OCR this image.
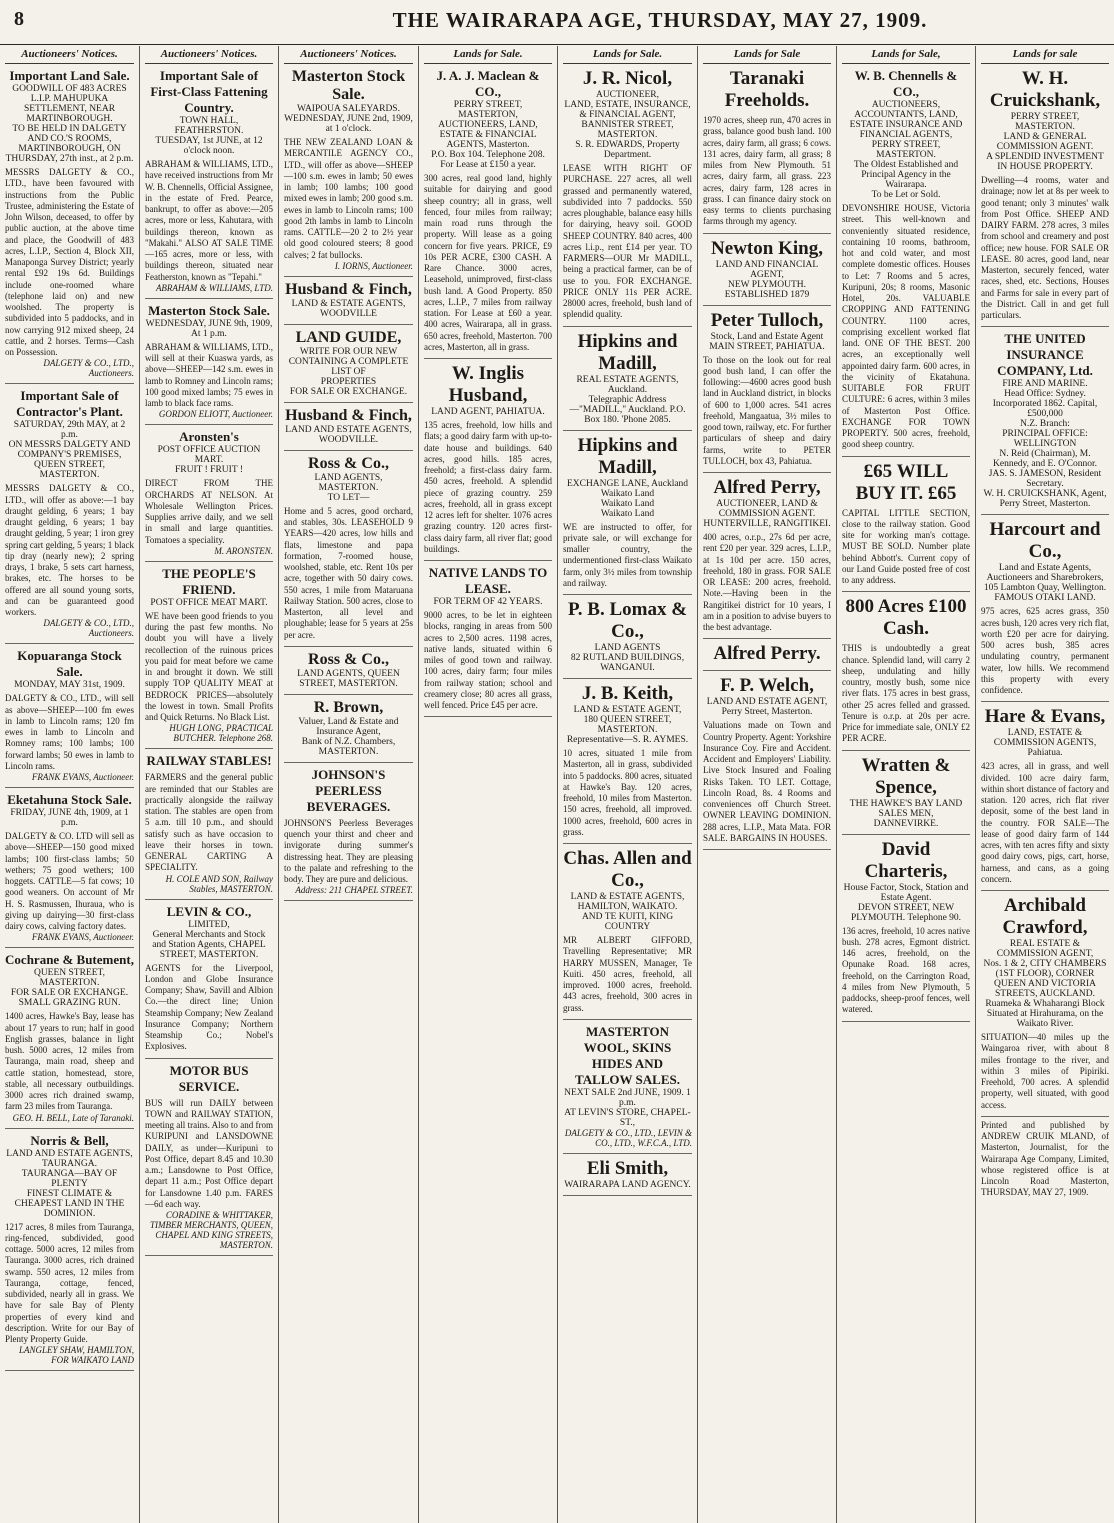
8	THE WAIRARAPA AGE, THURSDAY, MAY 27, 1909.
Auctioneers' Notices.
Important Land Sale.
GOODWILL OF 483 ACRES L.I.P. MAHUPUKA SETTLEMENT, NEAR MARTINBOROUGH.
TO BE HELD IN DALGETY AND CO.'S ROOMS, MARTINBOROUGH, ON THURSDAY, 27th inst., at 2 p.m.
MESSRS DALGETY & CO., LTD., have been favoured with instructions from the Public Trustee, administering the Estate of John Wilson, deceased, to offer by public auction, at the above time and place, the Goodwill of 483 acres, L.I.P., Section 4, Block XII, Manaponga Survey District; yearly rental £92 19s 6d. Buildings include one-roomed whare (telephone laid on) and new woolshed. The property is subdivided into 5 paddocks, and in now carrying 912 mixed sheep, 24 cattle, and 2 horses. Terms—Cash on Possession.
DALGETY & CO., LTD., Auctioneers.
Important Sale of Contractor's Plant.
SATURDAY, 29th MAY, at 2 p.m.
ON MESSRS DALGETY AND COMPANY'S PREMISES, QUEEN STREET, MASTERTON.
MESSRS DALGETY & CO., LTD., will offer as above:—1 bay draught gelding, 6 years; 1 bay draught gelding, 6 years; 1 bay draught gelding, 5 year; 1 iron grey spring cart gelding, 5 years; 1 black tip dray (nearly new); 2 spring drays, 1 brake, 5 sets cart harness, brakes, etc. The horses to be offered are all sound young sorts, and can be guaranteed good workers.
DALGETY & CO., LTD., Auctioneers.
Kopuaranga Stock Sale.
MONDAY, MAY 31st, 1909.
DALGETY & CO., LTD., will sell as above—SHEEP—100 fm ewes in lamb to Lincoln rams; 120 fm ewes in lamb to Lincoln and Romney rams; 100 lambs; 100 forward lambs; 50 ewes in lamb to Lincoln rams.
FRANK EVANS, Auctioneer.
Eketahuna Stock Sale.
FRIDAY, JUNE 4th, 1909, at 1 p.m.
DALGETY & CO. LTD will sell as above—SHEEP—150 good mixed lambs; 100 first-class lambs; 50 wethers; 75 good wethers; 100 hoggets. CATTLE—5 fat cows; 10 good weaners. On account of Mr H. S. Rasmussen, Ihuraua, who is giving up dairying—30 first-class dairy cows, calving factory dates.
FRANK EVANS, Auctioneer.
Cochrane & Butement,
QUEEN STREET, MASTERTON.
FOR SALE OR EXCHANGE. SMALL GRAZING RUN.
1400 acres, Hawke's Bay, lease has about 17 years to run; half in good English grasses, balance in light bush. 5000 acres, 12 miles from Tauranga, main road, sheep and cattle station, homestead, store, stable, all necessary outbuildings. 3000 acres rich drained swamp, farm 23 miles from Tauranga.
GEO. H. BELL, Late of Taranaki.
Norris & Bell,
LAND AND ESTATE AGENTS, TAURANGA.
TAURANGA—BAY OF PLENTY
FINEST CLIMATE & CHEAPEST LAND IN THE DOMINION.
1217 acres, 8 miles from Tauranga, ring-fenced, subdivided, good cottage. 5000 acres, 12 miles from Tauranga. 3000 acres, rich drained swamp. 550 acres, 12 miles from Tauranga, cottage, fenced, subdivided, nearly all in grass. We have for sale Bay of Plenty properties of every kind and description. Write for our Bay of Plenty Property Guide.
LANGLEY SHAW, HAMILTON, FOR WAIKATO LAND
Auctioneers' Notices.
Important Sale of First-Class Fattening Country.
TOWN HALL, FEATHERSTON.
TUESDAY, 1st JUNE, at 12 o'clock noon.
ABRAHAM & WILLIAMS, LTD., have received instructions from Mr W. B. Chennells, Official Assignee, in the estate of Fred. Pearce, bankrupt, to offer as above:—205 acres, more or less, Kahutara, with buildings thereon, known as "Makahi." ALSO AT SALE TIME—165 acres, more or less, with buildings thereon, situated near Featherston, known as "Tepahi."
ABRAHAM & WILLIAMS, LTD.
Masterton Stock Sale.
WEDNESDAY, JUNE 9th, 1909, At 1 p.m.
ABRAHAM & WILLIAMS, LTD., will sell at their Kuaswa yards, as above—SHEEP—142 s.m. ewes in lamb to Romney and Lincoln rams; 100 good mixed lambs; 75 ewes in lamb to black face rams.
GORDON ELIOTT, Auctioneer.
Aronsten's
POST OFFICE AUCTION MART.
FRUIT ! FRUIT !
DIRECT FROM THE ORCHARDS AT NELSON. At Wholesale Wellington Prices. Supplies arrive daily, and we sell in small and large quantities. Tomatoes a speciality.
M. ARONSTEN.
THE PEOPLE'S FRIEND.
POST OFFICE MEAT MART.
WE have been good friends to you during the past few months. No doubt you will have a lively recollection of the ruinous prices you paid for meat before we came in and brought it down. We still supply TOP QUALITY MEAT at BEDROCK PRICES—absolutely the lowest in town. Small Profits and Quick Returns. No Black List.
HUGH LONG, PRACTICAL BUTCHER. Telephone 268.
RAILWAY STABLES!
FARMERS and the general public are reminded that our Stables are practically alongside the railway station. The stables are open from 5 a.m. till 10 p.m., and should satisfy such as have occasion to leave their horses in town. GENERAL CARTING A SPECIALITY.
H. COLE AND SON, Railway Stables, MASTERTON.
LEVIN & CO.,
LIMITED,
General Merchants and Stock and Station Agents, CHAPEL STREET, MASTERTON.
AGENTS for the Liverpool, London and Globe Insurance Company; Shaw, Savill and Albion Co.—the direct line; Union Steamship Company; New Zealand Insurance Company; Northern Steamship Co.; Nobel's Explosives.
MOTOR BUS SERVICE.
BUS will run DAILY between TOWN and RAILWAY STATION, meeting all trains. Also to and from KURIPUNI and LANSDOWNE DAILY, as under—Kuripuni to Post Office, depart 8.45 and 10.30 a.m.; Lansdowne to Post Office, depart 11 a.m.; Post Office depart for Lansdowne 1.40 p.m. FARES—6d each way.
CORADINE & WHITTAKER, TIMBER MERCHANTS, QUEEN, CHAPEL AND KING STREETS, MASTERTON.
Auctioneers' Notices.
Masterton Stock Sale.
WAIPOUA SALEYARDS.
WEDNESDAY, JUNE 2nd, 1909, at 1 o'clock.
THE NEW ZEALAND LOAN & MERCANTILE AGENCY CO., LTD., will offer as above—SHEEP—100 s.m. ewes in lamb; 50 ewes in lamb; 100 lambs; 100 good mixed ewes in lamb; 200 good s.m. ewes in lamb to Lincoln rams; 100 good 2th lambs in lamb to Lincoln rams. CATTLE—20 2 to 2½ year old good coloured steers; 8 good calves; 2 fat bullocks.
I. IORNS, Auctioneer.
Husband & Finch,
LAND & ESTATE AGENTS, WOODVILLE
LAND GUIDE,
WRITE FOR OUR NEW
CONTAINING A COMPLETE LIST OF
PROPERTIES
FOR SALE OR EXCHANGE.
Husband & Finch,
LAND AND ESTATE AGENTS, WOODVILLE.
Ross & Co.,
LAND AGENTS, MASTERTON.
TO LET—
Home and 5 acres, good orchard, and stables, 30s. LEASEHOLD 9 YEARS—420 acres, low hills and flats, limestone and papa formation, 7-roomed house, woolshed, stable, etc. Rent 10s per acre, together with 50 dairy cows. 550 acres, 1 mile from Mataruana Railway Station. 500 acres, close to Masterton, all level and ploughable; lease for 5 years at 25s per acre.
Ross & Co.,
LAND AGENTS, QUEEN STREET, MASTERTON.
R. Brown,
Valuer, Land & Estate and Insurance Agent,
Bank of N.Z. Chambers, MASTERTON.
JOHNSON'S PEERLESS BEVERAGES.
JOHNSON'S Peerless Beverages quench your thirst and cheer and invigorate during summer's distressing heat. They are pleasing to the palate and refreshing to the body. They are pure and delicious.
Address: 211 CHAPEL STREET.
Lands for Sale.
J. A. J. Maclean & CO.,
PERRY STREET, MASTERTON,
AUCTIONEERS, LAND, ESTATE & FINANCIAL AGENTS, Masterton.
P.O. Box 104. Telephone 208.
For Lease at £150 a year.
300 acres, real good land, highly suitable for dairying and good sheep country; all in grass, well fenced, four miles from railway; main road runs through the property. Will lease as a going concern for five years. PRICE, £9 10s PER ACRE, £300 CASH. A Rare Chance. 3000 acres, Leasehold, unimproved, first-class bush land. A Good Property. 850 acres, L.I.P., 7 miles from railway station. For Lease at £60 a year. 400 acres, Wairarapa, all in grass. 650 acres, freehold, Masterton. 700 acres, Masterton, all in grass.
W. Inglis Husband,
LAND AGENT, PAHIATUA.
135 acres, freehold, low hills and flats; a good dairy farm with up-to-date house and buildings. 640 acres, good hills. 185 acres, freehold; a first-class dairy farm. 450 acres, freehold. A splendid piece of grazing country. 259 acres, freehold, all in grass except 12 acres left for shelter. 1076 acres grazing country. 120 acres first-class dairy farm, all river flat; good buildings.
NATIVE LANDS TO LEASE.
FOR TERM OF 42 YEARS.
9000 acres, to be let in eighteen blocks, ranging in areas from 500 acres to 2,500 acres. 1198 acres, native lands, situated within 6 miles of good town and railway. 100 acres, dairy farm; four miles from railway station; school and creamery close; 80 acres all grass, well fenced. Price £45 per acre.
Lands for Sale.
J. R. Nicol,
AUCTIONEER,
LAND, ESTATE, INSURANCE, & FINANCIAL AGENT,
BANNISTER STREET, MASTERTON.
S. R. EDWARDS, Property Department.
LEASE WITH RIGHT OF PURCHASE. 227 acres, all well grassed and permanently watered, subdivided into 7 paddocks. 550 acres ploughable, balance easy hills for dairying, heavy soil. GOOD SHEEP COUNTRY. 840 acres, 400 acres l.i.p., rent £14 per year. TO FARMERS—OUR Mr MADILL, being a practical farmer, can be of use to you. FOR EXCHANGE. PRICE ONLY 11s PER ACRE. 28000 acres, freehold, bush land of splendid quality.
Hipkins and Madill,
REAL ESTATE AGENTS, Auckland.
Telegraphic Address—"MADILL," Auckland. P.O. Box 180. 'Phone 2085.
Hipkins and Madill,
EXCHANGE LANE, Auckland
Waikato Land
Waikato Land
Waikato Land
WE are instructed to offer, for private sale, or will exchange for smaller country, the undermentioned first-class Waikato farm, only 3½ miles from township and railway.
P. B. Lomax & Co.,
LAND AGENTS
82 RUTLAND BUILDINGS, WANGANUI.
J. B. Keith,
LAND & ESTATE AGENT,
180 QUEEN STREET, MASTERTON.
Representative—S. R. AYMES.
10 acres, situated 1 mile from Masterton, all in grass, subdivided into 5 paddocks. 800 acres, situated at Hawke's Bay. 120 acres, freehold, 10 miles from Masterton. 150 acres, freehold, all improved. 1000 acres, freehold, 600 acres in grass.
Chas. Allen and Co.,
LAND & ESTATE AGENTS,
HAMILTON, WAIKATO.
AND TE KUITI, KING COUNTRY
MR ALBERT GIFFORD, Travelling Representative; MR HARRY MUSSEN, Manager, Te Kuiti. 450 acres, freehold, all improved. 1000 acres, freehold. 443 acres, freehold, 300 acres in grass.
MASTERTON WOOL, SKINS HIDES AND TALLOW SALES.
NEXT SALE 2nd JUNE, 1909. 1 p.m.
AT LEVIN'S STORE, CHAPEL-ST.,
DALGETY & CO., LTD., LEVIN & CO., LTD., W.F.C.A., LTD.
Eli Smith,
WAIRARAPA LAND AGENCY.
Lands for Sale
Taranaki Freeholds.
1970 acres, sheep run, 470 acres in grass, balance good bush land. 100 acres, dairy farm, all grass; 6 cows. 131 acres, dairy farm, all grass; 8 miles from New Plymouth. 51 acres, dairy farm, all grass. 223 acres, dairy farm, 128 acres in grass. I can finance dairy stock on easy terms to clients purchasing farms through my agency.
Newton King,
LAND AND FINANCIAL AGENT,
NEW PLYMOUTH.
ESTABLISHED 1879
Peter Tulloch,
Stock, Land and Estate Agent
MAIN STREET, PAHIATUA.
To those on the look out for real good bush land, I can offer the following:—4600 acres good bush land in Auckland district, in blocks of 600 to 1,000 acres. 541 acres freehold, Mangaatua, 3½ miles to good town, railway, etc. For further particulars of sheep and dairy farms, write to PETER TULLOCH, box 43, Pahiatua.
Alfred Perry,
AUCTIONEER, LAND & COMMISSION AGENT.
HUNTERVILLE, RANGITIKEI.
400 acres, o.r.p., 27s 6d per acre, rent £20 per year. 329 acres, L.I.P., at 1s 10d per acre. 150 acres, freehold, 180 in grass. FOR SALE OR LEASE: 200 acres, freehold. Note.—Having been in the Rangitikei district for 10 years, I am in a position to advise buyers to the best advantage.
Alfred Perry.
F. P. Welch,
LAND AND ESTATE AGENT,
Perry Street, Masterton.
Valuations made on Town and Country Property. Agent: Yorkshire Insurance Coy. Fire and Accident. Accident and Employers' Liability. Live Stock Insured and Foaling Risks Taken. TO LET. Cottage, Lincoln Road, 8s. 4 Rooms and conveniences off Church Street. OWNER LEAVING DOMINION. 288 acres, L.I.P., Mata Mata. FOR SALE. BARGAINS IN HOUSES.
Lands for Sale,
W. B. Chennells & CO.,
AUCTIONEERS,
ACCOUNTANTS, LAND, ESTATE INSURANCE AND FINANCIAL AGENTS,
PERRY STREET, MASTERTON.
The Oldest Established and Principal Agency in the Wairarapa.
To be Let or Sold.
DEVONSHIRE HOUSE, Victoria street. This well-known and conveniently situated residence, containing 10 rooms, bathroom, hot and cold water, and most complete domestic offices. Houses to Let: 7 Rooms and 5 acres, Kuripuni, 20s; 8 rooms, Masonic Hotel, 20s. VALUABLE CROPPING AND FATTENING COUNTRY. 1100 acres, comprising excellent worked flat land. ONE OF THE BEST. 200 acres, an exceptionally well appointed dairy farm. 600 acres, in the vicinity of Ekatahuna. SUITABLE FOR FRUIT CULTURE: 6 acres, within 3 miles of Masterton Post Office. EXCHANGE FOR TOWN PROPERTY. 500 acres, freehold, good sheep country.
£65 WILL BUY IT. £65
CAPITAL LITTLE SECTION, close to the railway station. Good site for working man's cottage. MUST BE SOLD. Number plate behind Abbott's. Current copy of our Land Guide posted free of cost to any address.
800 Acres £100 Cash.
THIS is undoubtedly a great chance. Splendid land, will carry 2 sheep, undulating and hilly country, mostly bush, some nice river flats. 175 acres in best grass, other 25 acres felled and grassed. Tenure is o.r.p. at 20s per acre. Price for immediate sale, ONLY £2 PER ACRE.
Wratten & Spence,
THE HAWKE'S BAY LAND SALES MEN,
DANNEVIRKE.
David Charteris,
House Factor, Stock, Station and Estate Agent.
DEVON STREET, NEW PLYMOUTH. Telephone 90.
136 acres, freehold, 10 acres native bush. 278 acres, Egmont district. 146 acres, freehold, on the Opunake Road. 168 acres, freehold, on the Carrington Road, 4 miles from New Plymouth, 5 paddocks, sheep-proof fences, well watered.
Lands for sale
W. H. Cruickshank,
PERRY STREET, MASTERTON.
LAND & GENERAL COMMISSION AGENT.
A SPLENDID INVESTMENT IN HOUSE PROPERTY.
Dwelling—4 rooms, water and drainage; now let at 8s per week to good tenant; only 3 minutes' walk from Post Office. SHEEP AND DAIRY FARM. 278 acres, 3 miles from school and creamery and post office; new house. FOR SALE OR LEASE. 80 acres, good land, near Masterton, securely fenced, water races, shed, etc. Sections, Houses and Farms for sale in every part of the District. Call in and get full particulars.
THE UNITED INSURANCE COMPANY, Ltd.
FIRE AND MARINE.
Head Office: Sydney.
Incorporated 1862. Capital, £500,000
N.Z. Branch:
PRINCIPAL OFFICE: WELLINGTON
N. Reid (Chairman), M. Kennedy, and E. O'Connor.
JAS. S. JAMESON, Resident Secretary.
W. H. CRUICKSHANK, Agent, Perry Street, Masterton.
Harcourt and Co.,
Land and Estate Agents, Auctioneers and Sharebrokers,
105 Lambton Quay, Wellington.
FAMOUS OTAKI LAND.
975 acres, 625 acres grass, 350 acres bush, 120 acres very rich flat, worth £20 per acre for dairying. 500 acres bush, 385 acres undulating country, permanent water, low hills. We recommend this property with every confidence.
Hare & Evans,
LAND, ESTATE & COMMISSION AGENTS,
Pahiatua.
423 acres, all in grass, and well divided. 100 acre dairy farm, within short distance of factory and station. 120 acres, rich flat river deposit, some of the best land in the country. FOR SALE—The lease of good dairy farm of 144 acres, with ten acres fifty and sixty good dairy cows, pigs, cart, horse, harness, and cans, as a going concern.
Archibald Crawford,
REAL ESTATE & COMMISSION AGENT,
Nos. 1 & 2, CITY CHAMBERS (1ST FLOOR), CORNER QUEEN AND VICTORIA STREETS, AUCKLAND.
Ruameka & Whaharangi Block
Situated at Hirahurama, on the Waikato River.
SITUATION—40 miles up the Waingaroa river, with about 8 miles frontage to the river, and within 3 miles of Pipiriki. Freehold, 700 acres. A splendid property, well situated, with good access.
Printed and published by ANDREW CRUIK MLAND, of Masterton, Journalist, for the Wairarapa Age Company, Limited, whose registered office is at Lincoln Road Masterton, THURSDAY, MAY 27, 1909.
